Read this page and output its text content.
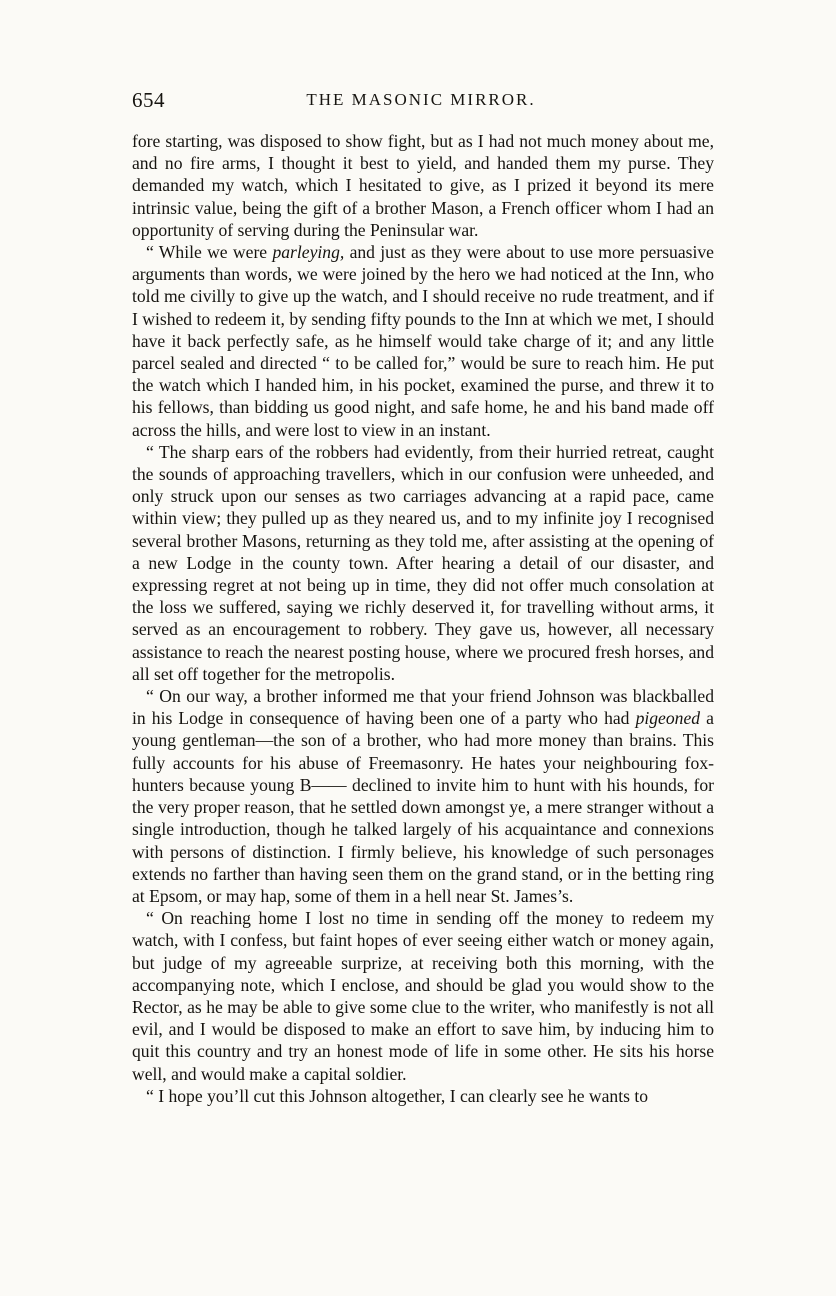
654	THE MASONIC MIRROR.

fore starting, was disposed to show fight, but as I had not much money about me, and no fire arms, I thought it best to yield, and handed them my purse. They demanded my watch, which I hesitated to give, as I prized it beyond its mere intrinsic value, being the gift of a brother Mason, a French officer whom I had an opportunity of serving during the Peninsular war.

“ While we were parleying, and just as they were about to use more persuasive arguments than words, we were joined by the hero we had noticed at the Inn, who told me civilly to give up the watch, and I should receive no rude treatment, and if I wished to redeem it, by sending fifty pounds to the Inn at which we met, I should have it back perfectly safe, as he himself would take charge of it; and any little parcel sealed and directed “ to be called for,” would be sure to reach him. He put the watch which I handed him, in his pocket, examined the purse, and threw it to his fellows, than bidding us good night, and safe home, he and his band made off across the hills, and were lost to view in an instant.

“ The sharp ears of the robbers had evidently, from their hurried retreat, caught the sounds of approaching travellers, which in our confusion were unheeded, and only struck upon our senses as two carriages advancing at a rapid pace, came within view; they pulled up as they neared us, and to my infinite joy I recognised several brother Masons, returning as they told me, after assisting at the opening of a new Lodge in the county town. After hearing a detail of our disaster, and expressing regret at not being up in time, they did not offer much consolation at the loss we suffered, saying we richly deserved it, for travelling without arms, it served as an encouragement to robbery. They gave us, however, all necessary assistance to reach the nearest posting house, where we procured fresh horses, and all set off together for the metropolis.

“ On our way, a brother informed me that your friend Johnson was blackballed in his Lodge in consequence of having been one of a party who had pigeoned a young gentleman—the son of a brother, who had more money than brains. This fully accounts for his abuse of Freemasonry. He hates your neighbouring fox-hunters because young B—— declined to invite him to hunt with his hounds, for the very proper reason, that he settled down amongst ye, a mere stranger without a single introduction, though he talked largely of his acquaintance and connexions with persons of distinction. I firmly believe, his knowledge of such personages extends no farther than having seen them on the grand stand, or in the betting ring at Epsom, or may hap, some of them in a hell near St. James’s.

“ On reaching home I lost no time in sending off the money to redeem my watch, with I confess, but faint hopes of ever seeing either watch or money again, but judge of my agreeable surprize, at receiving both this morning, with the accompanying note, which I enclose, and should be glad you would show to the Rector, as he may be able to give some clue to the writer, who manifestly is not all evil, and I would be disposed to make an effort to save him, by inducing him to quit this country and try an honest mode of life in some other. He sits his horse well, and would make a capital soldier.

“ I hope you’ll cut this Johnson altogether, I can clearly see he wants to
